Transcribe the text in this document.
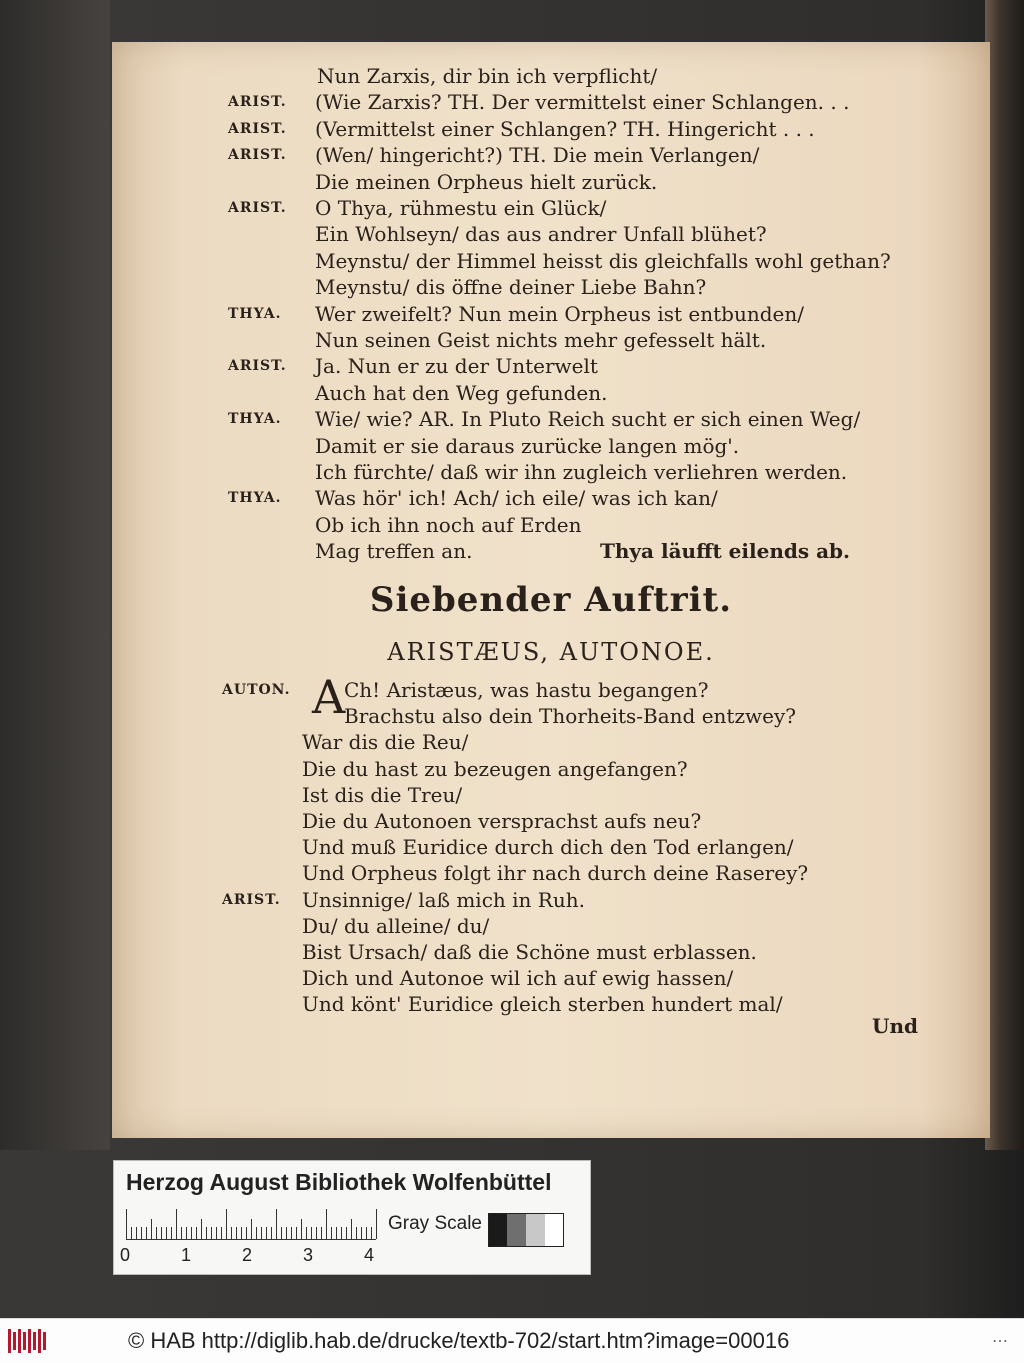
Nun Zarxis, dir bin ich verpflicht/
ARIST. (Wie Zarxis? TH. Der vermittelst einer Schlangen. . .
ARIST. (Vermittelst einer Schlangen? TH. Hingericht . . .
ARIST. (Wen/ hingericht?) TH. Die mein Verlangen/
Die meinen Orpheus hielt zurück.
ARIST. O Thya, rühmestu ein Glück/
Ein Wohlseyn/ das aus andrer Unfall blühet?
Meynstu/ der Himmel heisst dis gleichfalls wohl gethan?
Meynstu/ dis öffne deiner Liebe Bahn?
THYA. Wer zweifelt? Nun mein Orpheus ist entbunden/
Nun seinen Geist nichts mehr gefesselt hält.
ARIST. Ja. Nun er zu der Unterwelt
Auch hat den Weg gefunden.
THYA. Wie/ wie? AR. In Pluto Reich sucht er sich einen Weg/
Damit er sie daraus zurücke langen mög'.
Ich fürchte/ daß wir ihn zugleich verliehren werden.
THYA. Was hör' ich! Ach/ ich eile/ was ich kan/
Ob ich ihn noch auf Erden
Mag treffen an.	Thya läufft eilends ab.
Siebender Auftrit.
ARISTÆUS, AUTONOE.
AUTON. A
Ch! Aristæus, was hastu begangen?
Brachstu also dein Thorheits-Band entzwey?
War dis die Reu/
Die du hast zu bezeugen angefangen?
Ist dis die Treu/
Die du Autonoen versprachst aufs neu?
Und muß Euridice durch dich den Tod erlangen/
Und Orpheus folgt ihr nach durch deine Raserey?
ARIST. Unsinnige/ laß mich in Ruh.
Du/ du alleine/ du/
Bist Ursach/ daß die Schöne must erblassen.
Dich und Autonoe wil ich auf ewig hassen/
Und könt' Euridice gleich sterben hundert mal/
Und
Herzog August Bibliothek Wolfenbüttel
Gray Scale
0	1	2	3	4
© HAB http://diglib.hab.de/drucke/textb-702/start.htm?image=00016	⋯
